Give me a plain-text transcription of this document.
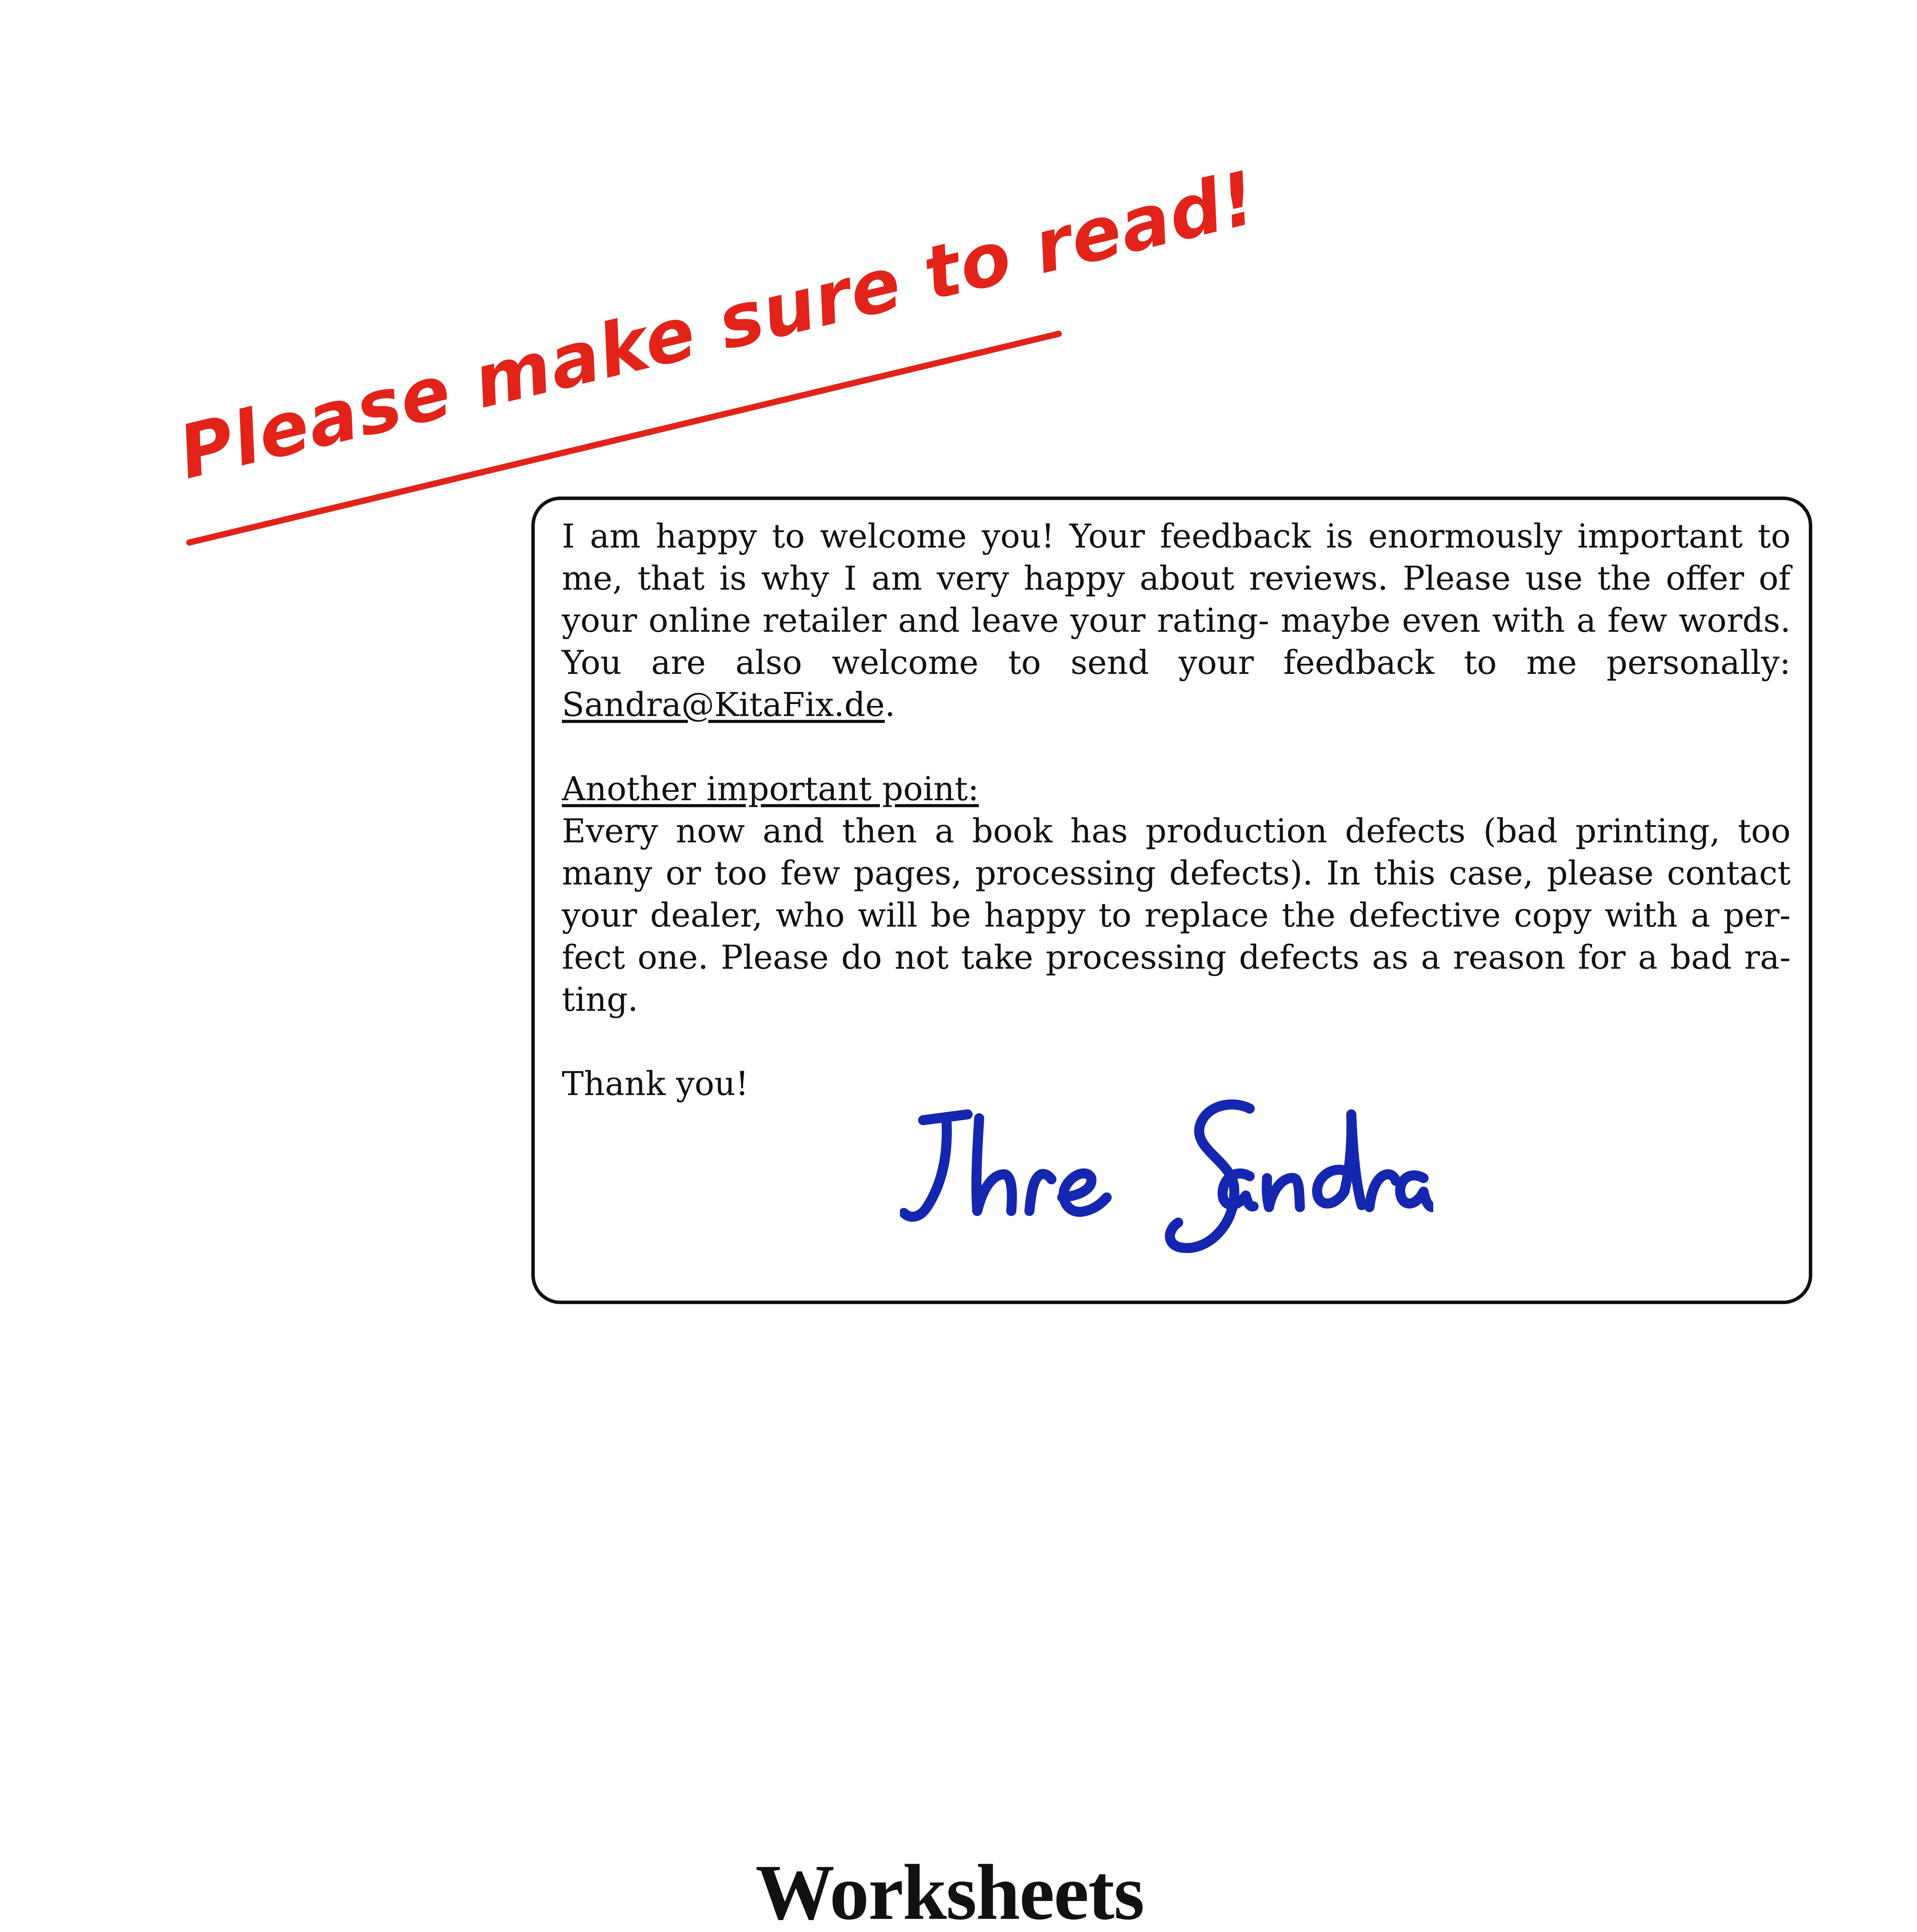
Please make sure to read!

I am happy to welcome you! Your feedback is enormously important to me, that is why I am very happy about reviews. Please use the offer of your online retailer and leave your rating- maybe even with a few words. You are also welcome to send your feedback to me personally: Sandra@KitaFix.de.

Another important point:
Every now and then a book has production defects (bad printing, too many or too few pages, processing defects). In this case, please contact your dealer, who will be happy to replace the defective copy with a perfect one. Please do not take processing defects as a reason for a bad rating.

Thank you!

Worksheets
